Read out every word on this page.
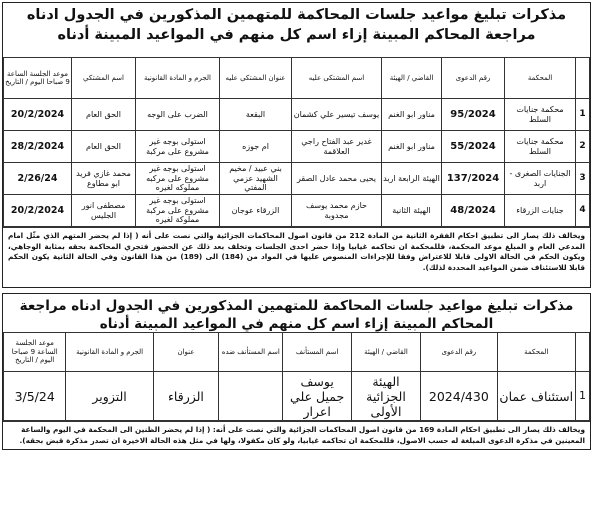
مذكرات تبليغ مواعيد جلسات المحاكمة للمتهمين المذكورين في الجدول ادناه مراجعة المحاكم المبينة إزاء اسم كل منهم في المواعيد المبينة أدناه
	المحكمة	رقم الدعوى	القاضي / الهيئة	اسم المشتكى عليه	عنوان المشتكى عليه	الجرم و المادة القانونية	اسم المشتكي	موعد الجلسة الساعة 9 صباحا اليوم / التاريخ
1	محكمة جنايات السلط	95/2024	مناور ابو الغنم	يوسف تيسير علي كشمان	البقعة	الضرب على الوجه	الحق العام	20/2/2024
2	محكمة جنايات السلط	55/2024	مناور ابو الغنم	غدير عبد الفتاح راجي العلاقمة	ام جوزه	استولى بوجه غير مشروع على مركبة	الحق العام	28/2/2024
3	الجنايات الصغرى - اربد	137/2024	الهيئة الرابعة اربد	يحيى محمد عادل الصقر	بني عبيد / مخيم الشهيد عزمي المفتي	استولى بوجه غير مشروع على مركبه مملوكه لغيره	محمد غازي فريد ابو مطاوع	2/26/24
4	جنايات الزرقاء	48/2024	الهيئة الثانية	حازم محمد يوسف مجدوبة	الزرقاء عوجان	استولى بوجه غير مشروع على مركبة مملوكة لغيره	مصطفى انور الجليس	20/2/2024
ويخالف ذلك يصار الى تطبيق احكام الفقرة الثانية من المادة 212 من قانون اصول المحاكمات الجزائية والتي نصت على أنه ( إذا لم يحضر المتهم الذي مثّل امام المدعي العام و المبلغ موعد المحكمة، فللمحكمة ان تحاكمه غيابيا وإذا حضر احدى الجلسات وتخلف بعد ذلك عن الحضور فتجري المحاكمة بحقه بمثابة الوجاهي، ويكون الحكم في الحالة الاولى قابلا للاعتراض وفقا للإجراءات المنصوص عليها في المواد من (184) الى (189) من هذا القانون وفي الحالة الثانية يكون الحكم قابلا للاستئناف ضمن المواعيد المحددة لذلك).
مذكرات تبليغ مواعيد جلسات المحاكمة للمتهمين المذكورين في الجدول ادناه مراجعة المحاكم المبينة إزاء اسم كل منهم في المواعيد المبينة أدناه
	المحكمة	رقم الدعوى	القاضي / الهيئة	اسم المستأنف	اسم المستأنف ضده	عنوان	الجرم و المادة القانونية	موعد الجلسة الساعة 9 صباحا اليوم / التاريخ
1	استئناف عمان	2024/430	الهيئة الجزائية الأولى	يوسف جميل علي اعرار		الزرقاء	التزوير	3/5/24
ويخالف ذلك يصار الى تطبيق احكام المادة 169 من قانون اصول المحاكمات الجزائية والتي نصت على أنه: ( إذا لم يحضر الظنين الى المحكمة في اليوم والساعة المعينين في مذكرة الدعوى المبلغة له حسب الاصول، فللمحكمة ان تحاكمه غيابيا، ولو كان مكفولا، ولها في مثل هذه الحالة الاخيرة ان تصدر مذكرة قبض بحقه).
